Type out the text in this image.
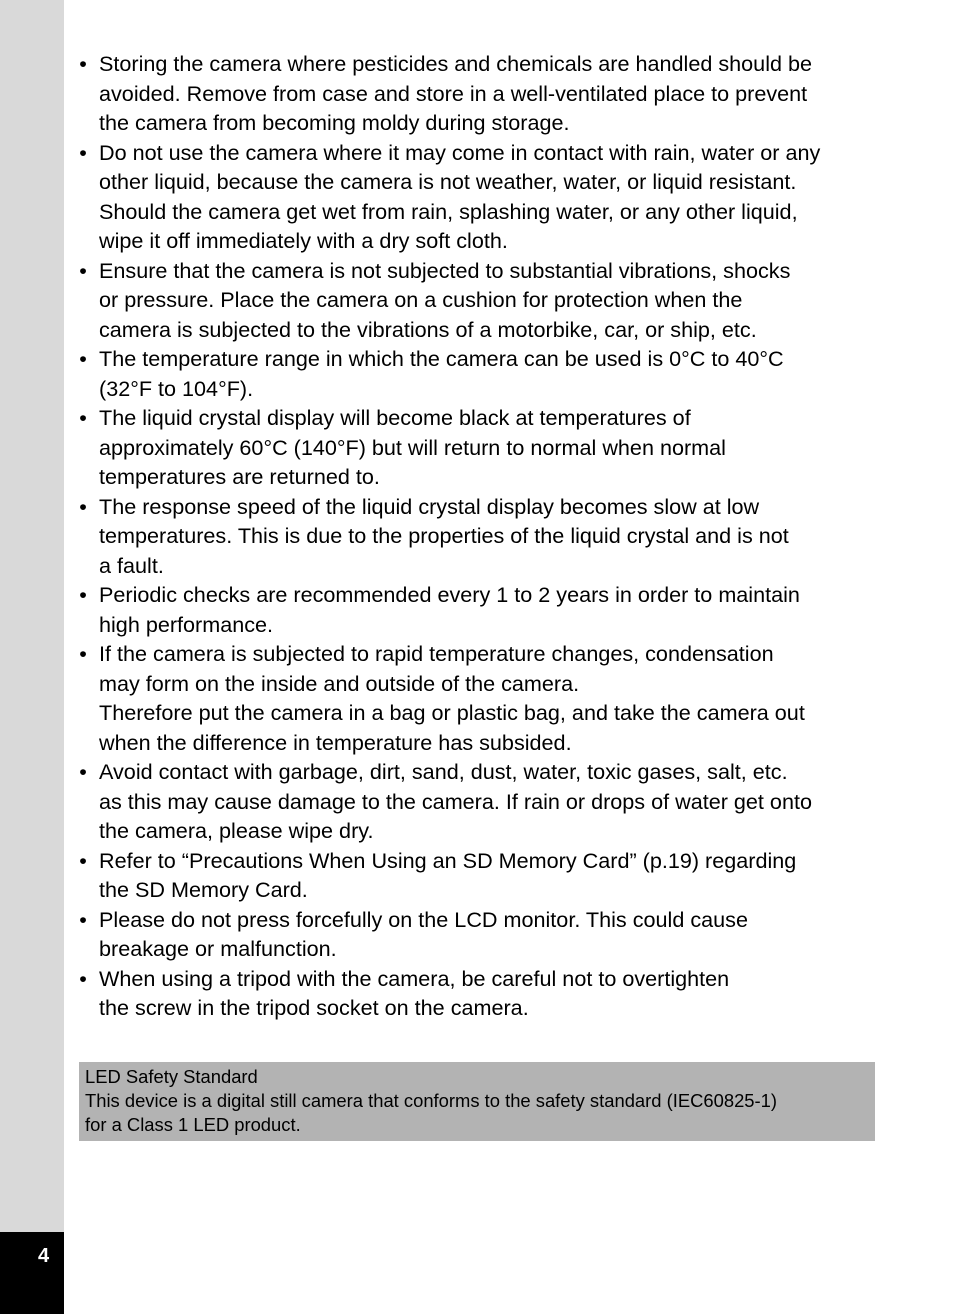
4
• Storing the camera where pesticides and chemicals are handled should be
avoided. Remove from case and store in a well-ventilated place to prevent
the camera from becoming moldy during storage.
• Do not use the camera where it may come in contact with rain, water or any
other liquid, because the camera is not weather, water, or liquid resistant.
Should the camera get wet from rain, splashing water, or any other liquid,
wipe it off immediately with a dry soft cloth.
• Ensure that the camera is not subjected to substantial vibrations, shocks
or pressure. Place the camera on a cushion for protection when the
camera is subjected to the vibrations of a motorbike, car, or ship, etc.
• The temperature range in which the camera can be used is 0°C to 40°C
(32°F to 104°F).
• The liquid crystal display will become black at temperatures of
approximately 60°C (140°F) but will return to normal when normal
temperatures are returned to.
• The response speed of the liquid crystal display becomes slow at low
temperatures. This is due to the properties of the liquid crystal and is not
a fault.
• Periodic checks are recommended every 1 to 2 years in order to maintain
high performance.
• If the camera is subjected to rapid temperature changes, condensation
may form on the inside and outside of the camera.
Therefore put the camera in a bag or plastic bag, and take the camera out
when the difference in temperature has subsided.
• Avoid contact with garbage, dirt, sand, dust, water, toxic gases, salt, etc.
as this may cause damage to the camera. If rain or drops of water get onto
the camera, please wipe dry.
• Refer to “Precautions When Using an SD Memory Card” (p.19) regarding
the SD Memory Card.
• Please do not press forcefully on the LCD monitor. This could cause
breakage or malfunction.
• When using a tripod with the camera, be careful not to overtighten
the screw in the tripod socket on the camera.
LED Safety Standard
This device is a digital still camera that conforms to the safety standard (IEC60825-1)
for a Class 1 LED product.
